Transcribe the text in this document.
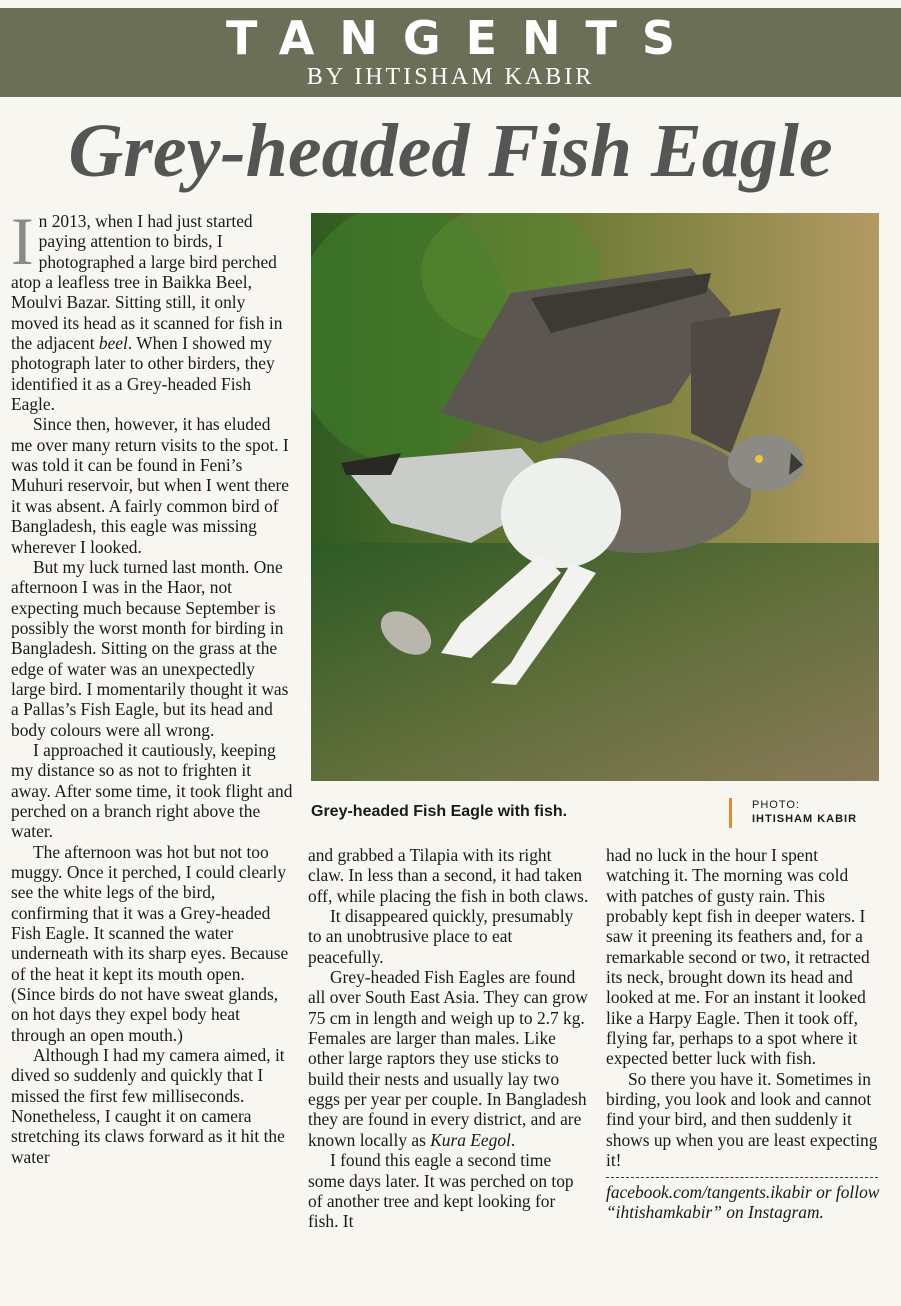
TANGENTS
BY IHTISHAM KABIR
Grey-headed Fish Eagle
Grey-headed Fish Eagle with fish.	PHOTO:
IHTISHAM KABIR

In 2013, when I had just started paying attention to birds, I photographed a large bird perched atop a leafless tree in Baikka Beel, Moulvi Bazar. Sitting still, it only moved its head as it scanned for fish in the adjacent beel. When I showed my photograph later to other birders, they identified it as a Grey-headed Fish Eagle.

Since then, however, it has eluded me over many return visits to the spot. I was told it can be found in Feni’s Muhuri reservoir, but when I went there it was absent. A fairly common bird of Bangladesh, this eagle was missing wherever I looked.

But my luck turned last month. One afternoon I was in the Haor, not expecting much because September is possibly the worst month for birding in Bangladesh. Sitting on the grass at the edge of water was an unexpectedly large bird. I momentarily thought it was a Pallas’s Fish Eagle, but its head and body colours were all wrong.

I approached it cautiously, keeping my distance so as not to frighten it away. After some time, it took flight and perched on a branch right above the water.

The afternoon was hot but not too muggy. Once it perched, I could clearly see the white legs of the bird, confirming that it was a Grey-headed Fish Eagle. It scanned the water underneath with its sharp eyes. Because of the heat it kept its mouth open. (Since birds do not have sweat glands, on hot days they expel body heat through an open mouth.)

Although I had my camera aimed, it dived so suddenly and quickly that I missed the first few milliseconds. Nonetheless, I caught it on camera stretching its claws forward as it hit the water

and grabbed a Tilapia with its right claw. In less than a second, it had taken off, while placing the fish in both claws.

It disappeared quickly, presumably to an unobtrusive place to eat peacefully.

Grey-headed Fish Eagles are found all over South East Asia. They can grow 75 cm in length and weigh up to 2.7 kg. Females are larger than males. Like other large raptors they use sticks to build their nests and usually lay two eggs per year per couple. In Bangladesh they are found in every district, and are known locally as Kura Eegol.

I found this eagle a second time some days later. It was perched on top of another tree and kept looking for fish. It

had no luck in the hour I spent watching it. The morning was cold with patches of gusty rain. This probably kept fish in deeper waters. I saw it preening its feathers and, for a remarkable second or two, it retracted its neck, brought down its head and looked at me. For an instant it looked like a Harpy Eagle. Then it took off, flying far, perhaps to a spot where it expected better luck with fish.

So there you have it. Sometimes in birding, you look and look and cannot find your bird, and then suddenly it shows up when you are least expecting it!

facebook.com/tangents.ikabir or follow “ihtishamkabir” on Instagram.
